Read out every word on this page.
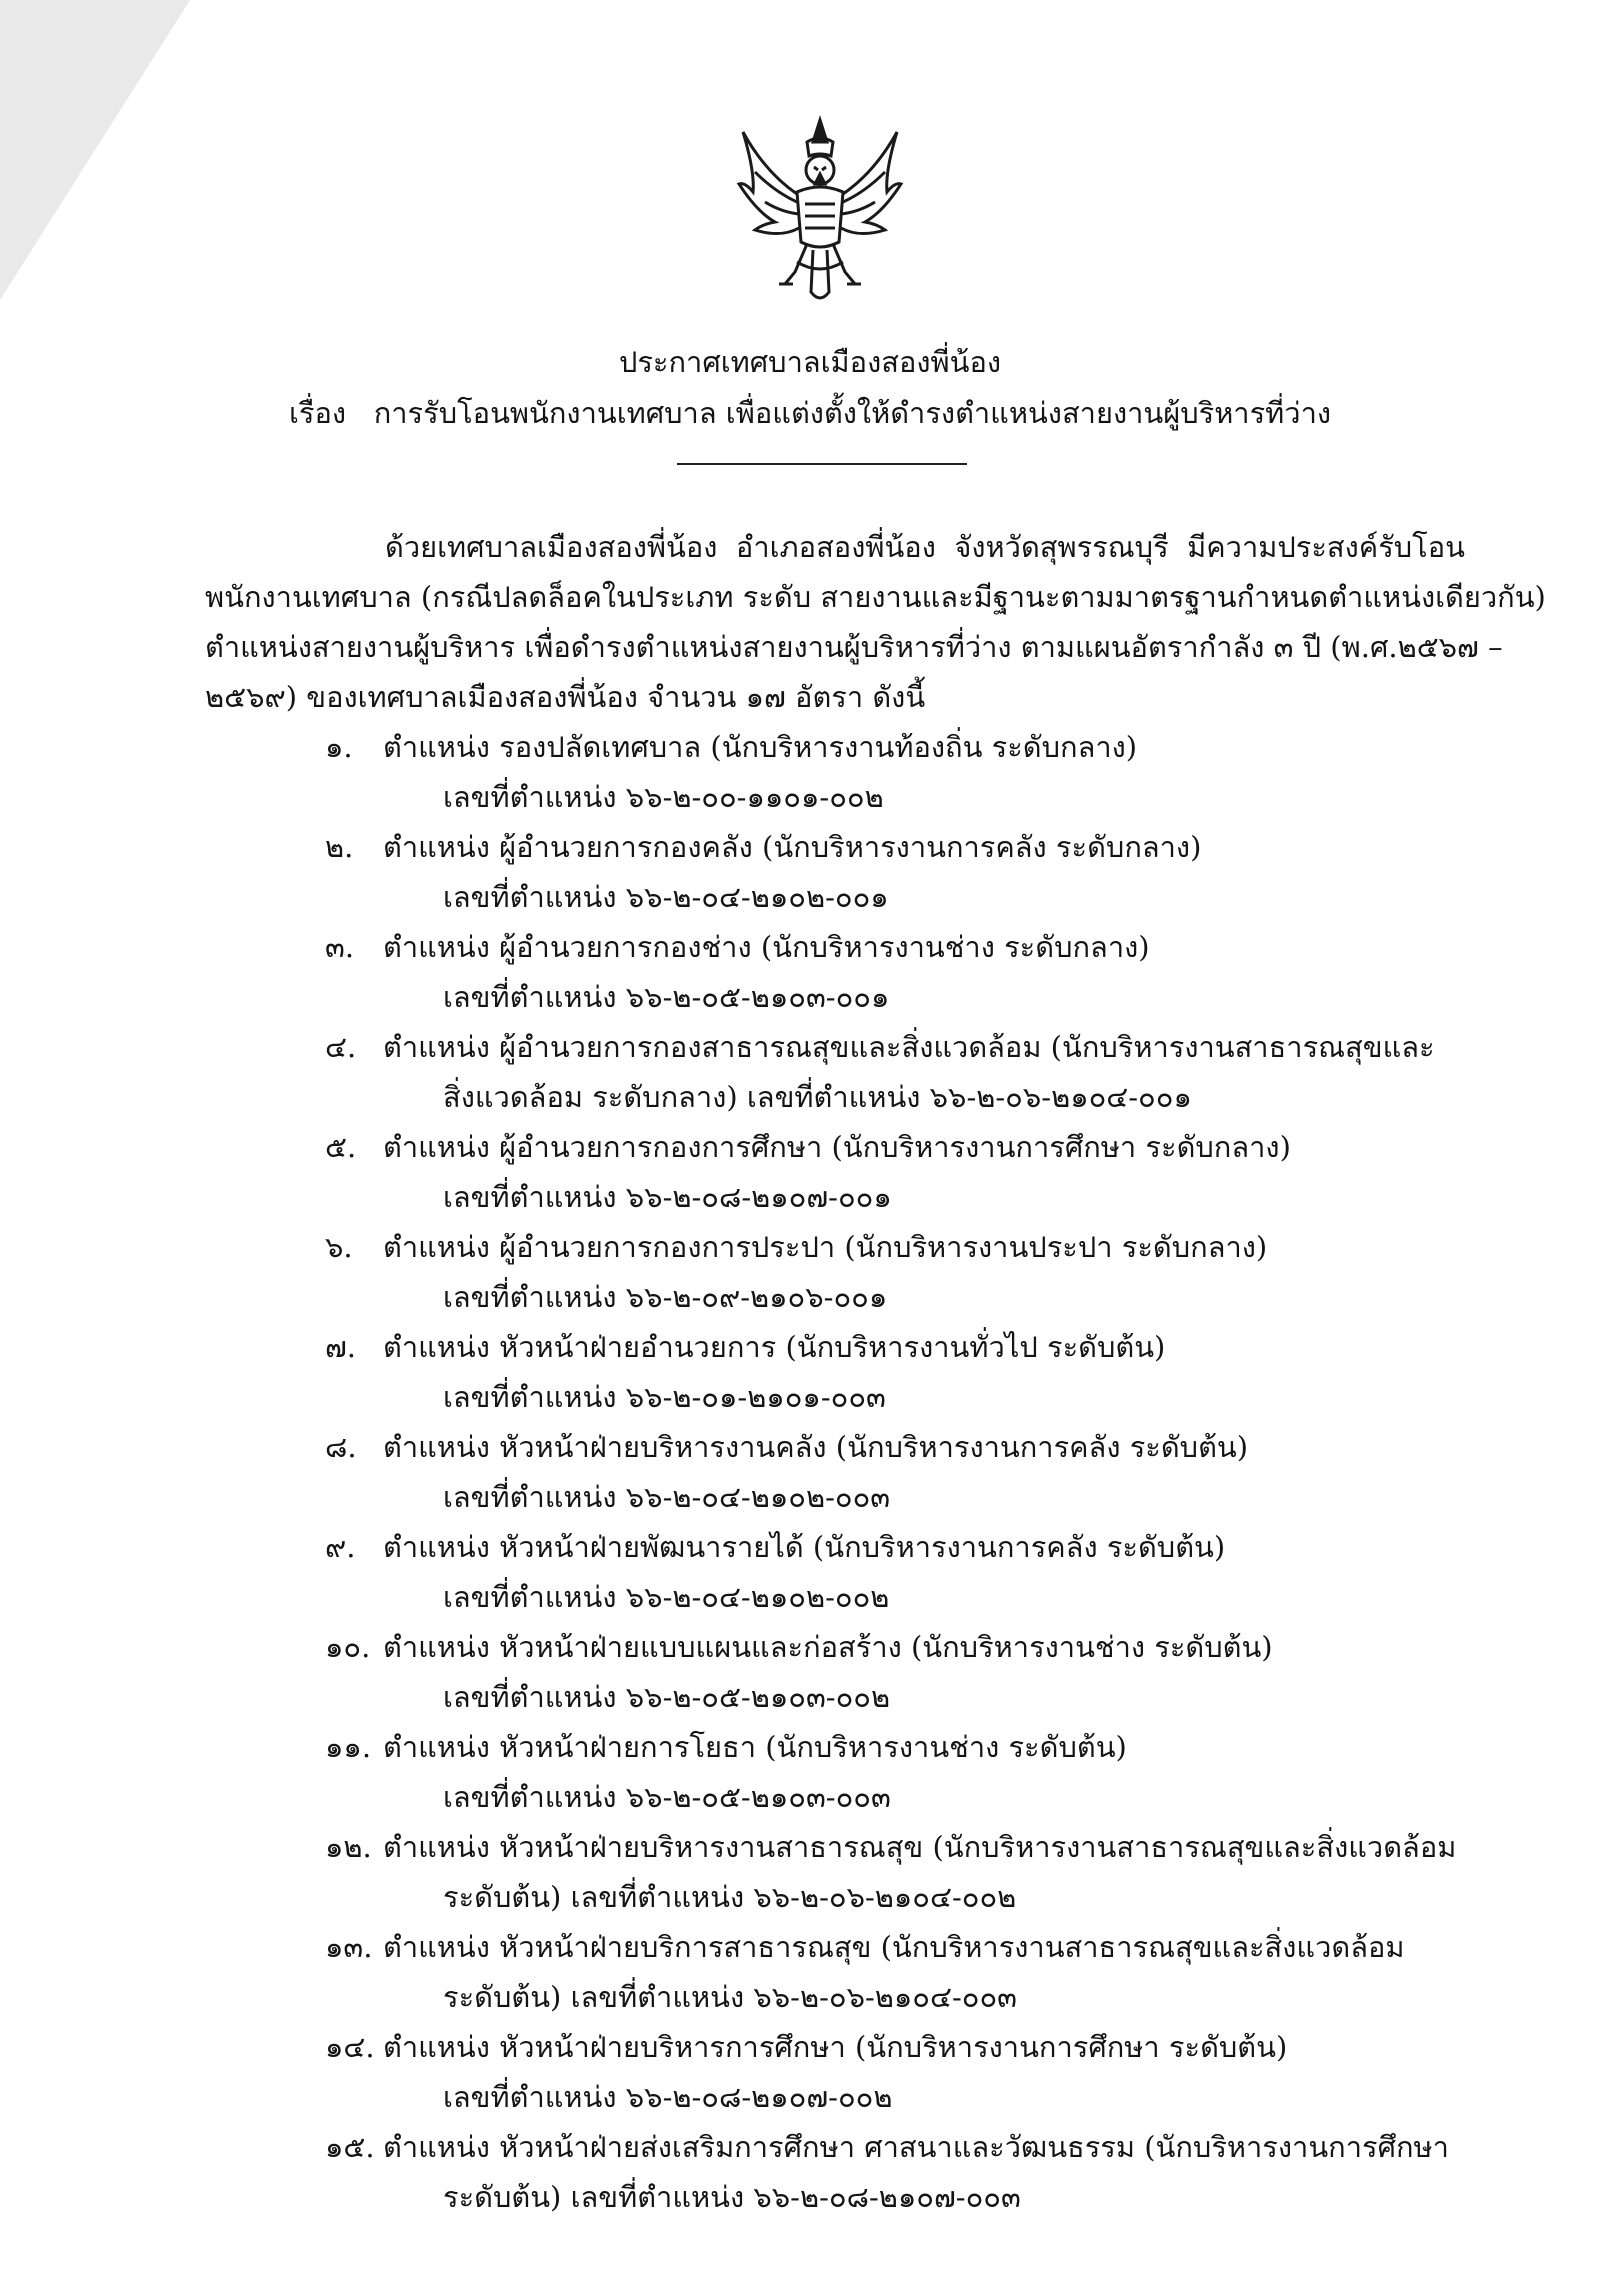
ประกาศเทศบาลเมืองสองพี่น้อง
เรื่อง การรับโอนพนักงานเทศบาล เพื่อแต่งตั้งให้ดำรงตำแหน่งสายงานผู้บริหารที่ว่าง
ด้วยเทศบาลเมืองสองพี่น้อง อำเภอสองพี่น้อง จังหวัดสุพรรณบุรี มีความประสงค์รับโอน
พนักงานเทศบาล (กรณีปลดล็อคในประเภท ระดับ สายงานและมีฐานะตามมาตรฐานกำหนดตำแหน่งเดียวกัน)
ตำแหน่งสายงานผู้บริหาร เพื่อดำรงตำแหน่งสายงานผู้บริหารที่ว่าง ตามแผนอัตรากำลัง ๓ ปี (พ.ศ.๒๕๖๗ –
๒๕๖๙) ของเทศบาลเมืองสองพี่น้อง จำนวน ๑๗ อัตรา ดังนี้
๑. ตำแหน่ง รองปลัดเทศบาล (นักบริหารงานท้องถิ่น ระดับกลาง)
เลขที่ตำแหน่ง ๖๖-๒-๐๐-๑๑๐๑-๐๐๒
๒. ตำแหน่ง ผู้อำนวยการกองคลัง (นักบริหารงานการคลัง ระดับกลาง)
เลขที่ตำแหน่ง ๖๖-๒-๐๔-๒๑๐๒-๐๐๑
๓. ตำแหน่ง ผู้อำนวยการกองช่าง (นักบริหารงานช่าง ระดับกลาง)
เลขที่ตำแหน่ง ๖๖-๒-๐๕-๒๑๐๓-๐๐๑
๔. ตำแหน่ง ผู้อำนวยการกองสาธารณสุขและสิ่งแวดล้อม (นักบริหารงานสาธารณสุขและ
สิ่งแวดล้อม ระดับกลาง) เลขที่ตำแหน่ง ๖๖-๒-๐๖-๒๑๐๔-๐๐๑
๕. ตำแหน่ง ผู้อำนวยการกองการศึกษา (นักบริหารงานการศึกษา ระดับกลาง)
เลขที่ตำแหน่ง ๖๖-๒-๐๘-๒๑๐๗-๐๐๑
๖. ตำแหน่ง ผู้อำนวยการกองการประปา (นักบริหารงานประปา ระดับกลาง)
เลขที่ตำแหน่ง ๖๖-๒-๐๙-๒๑๐๖-๐๐๑
๗. ตำแหน่ง หัวหน้าฝ่ายอำนวยการ (นักบริหารงานทั่วไป ระดับต้น)
เลขที่ตำแหน่ง ๖๖-๒-๐๑-๒๑๐๑-๐๐๓
๘. ตำแหน่ง หัวหน้าฝ่ายบริหารงานคลัง (นักบริหารงานการคลัง ระดับต้น)
เลขที่ตำแหน่ง ๖๖-๒-๐๔-๒๑๐๒-๐๐๓
๙. ตำแหน่ง หัวหน้าฝ่ายพัฒนารายได้ (นักบริหารงานการคลัง ระดับต้น)
เลขที่ตำแหน่ง ๖๖-๒-๐๔-๒๑๐๒-๐๐๒
๑๐. ตำแหน่ง หัวหน้าฝ่ายแบบแผนและก่อสร้าง (นักบริหารงานช่าง ระดับต้น)
เลขที่ตำแหน่ง ๖๖-๒-๐๕-๒๑๐๓-๐๐๒
๑๑. ตำแหน่ง หัวหน้าฝ่ายการโยธา (นักบริหารงานช่าง ระดับต้น)
เลขที่ตำแหน่ง ๖๖-๒-๐๕-๒๑๐๓-๐๐๓
๑๒. ตำแหน่ง หัวหน้าฝ่ายบริหารงานสาธารณสุข (นักบริหารงานสาธารณสุขและสิ่งแวดล้อม
ระดับต้น) เลขที่ตำแหน่ง ๖๖-๒-๐๖-๒๑๐๔-๐๐๒
๑๓. ตำแหน่ง หัวหน้าฝ่ายบริการสาธารณสุข (นักบริหารงานสาธารณสุขและสิ่งแวดล้อม
ระดับต้น) เลขที่ตำแหน่ง ๖๖-๒-๐๖-๒๑๐๔-๐๐๓
๑๔. ตำแหน่ง หัวหน้าฝ่ายบริหารการศึกษา (นักบริหารงานการศึกษา ระดับต้น)
เลขที่ตำแหน่ง ๖๖-๒-๐๘-๒๑๐๗-๐๐๒
๑๕. ตำแหน่ง หัวหน้าฝ่ายส่งเสริมการศึกษา ศาสนาและวัฒนธรรม (นักบริหารงานการศึกษา
ระดับต้น) เลขที่ตำแหน่ง ๖๖-๒-๐๘-๒๑๐๗-๐๐๓
